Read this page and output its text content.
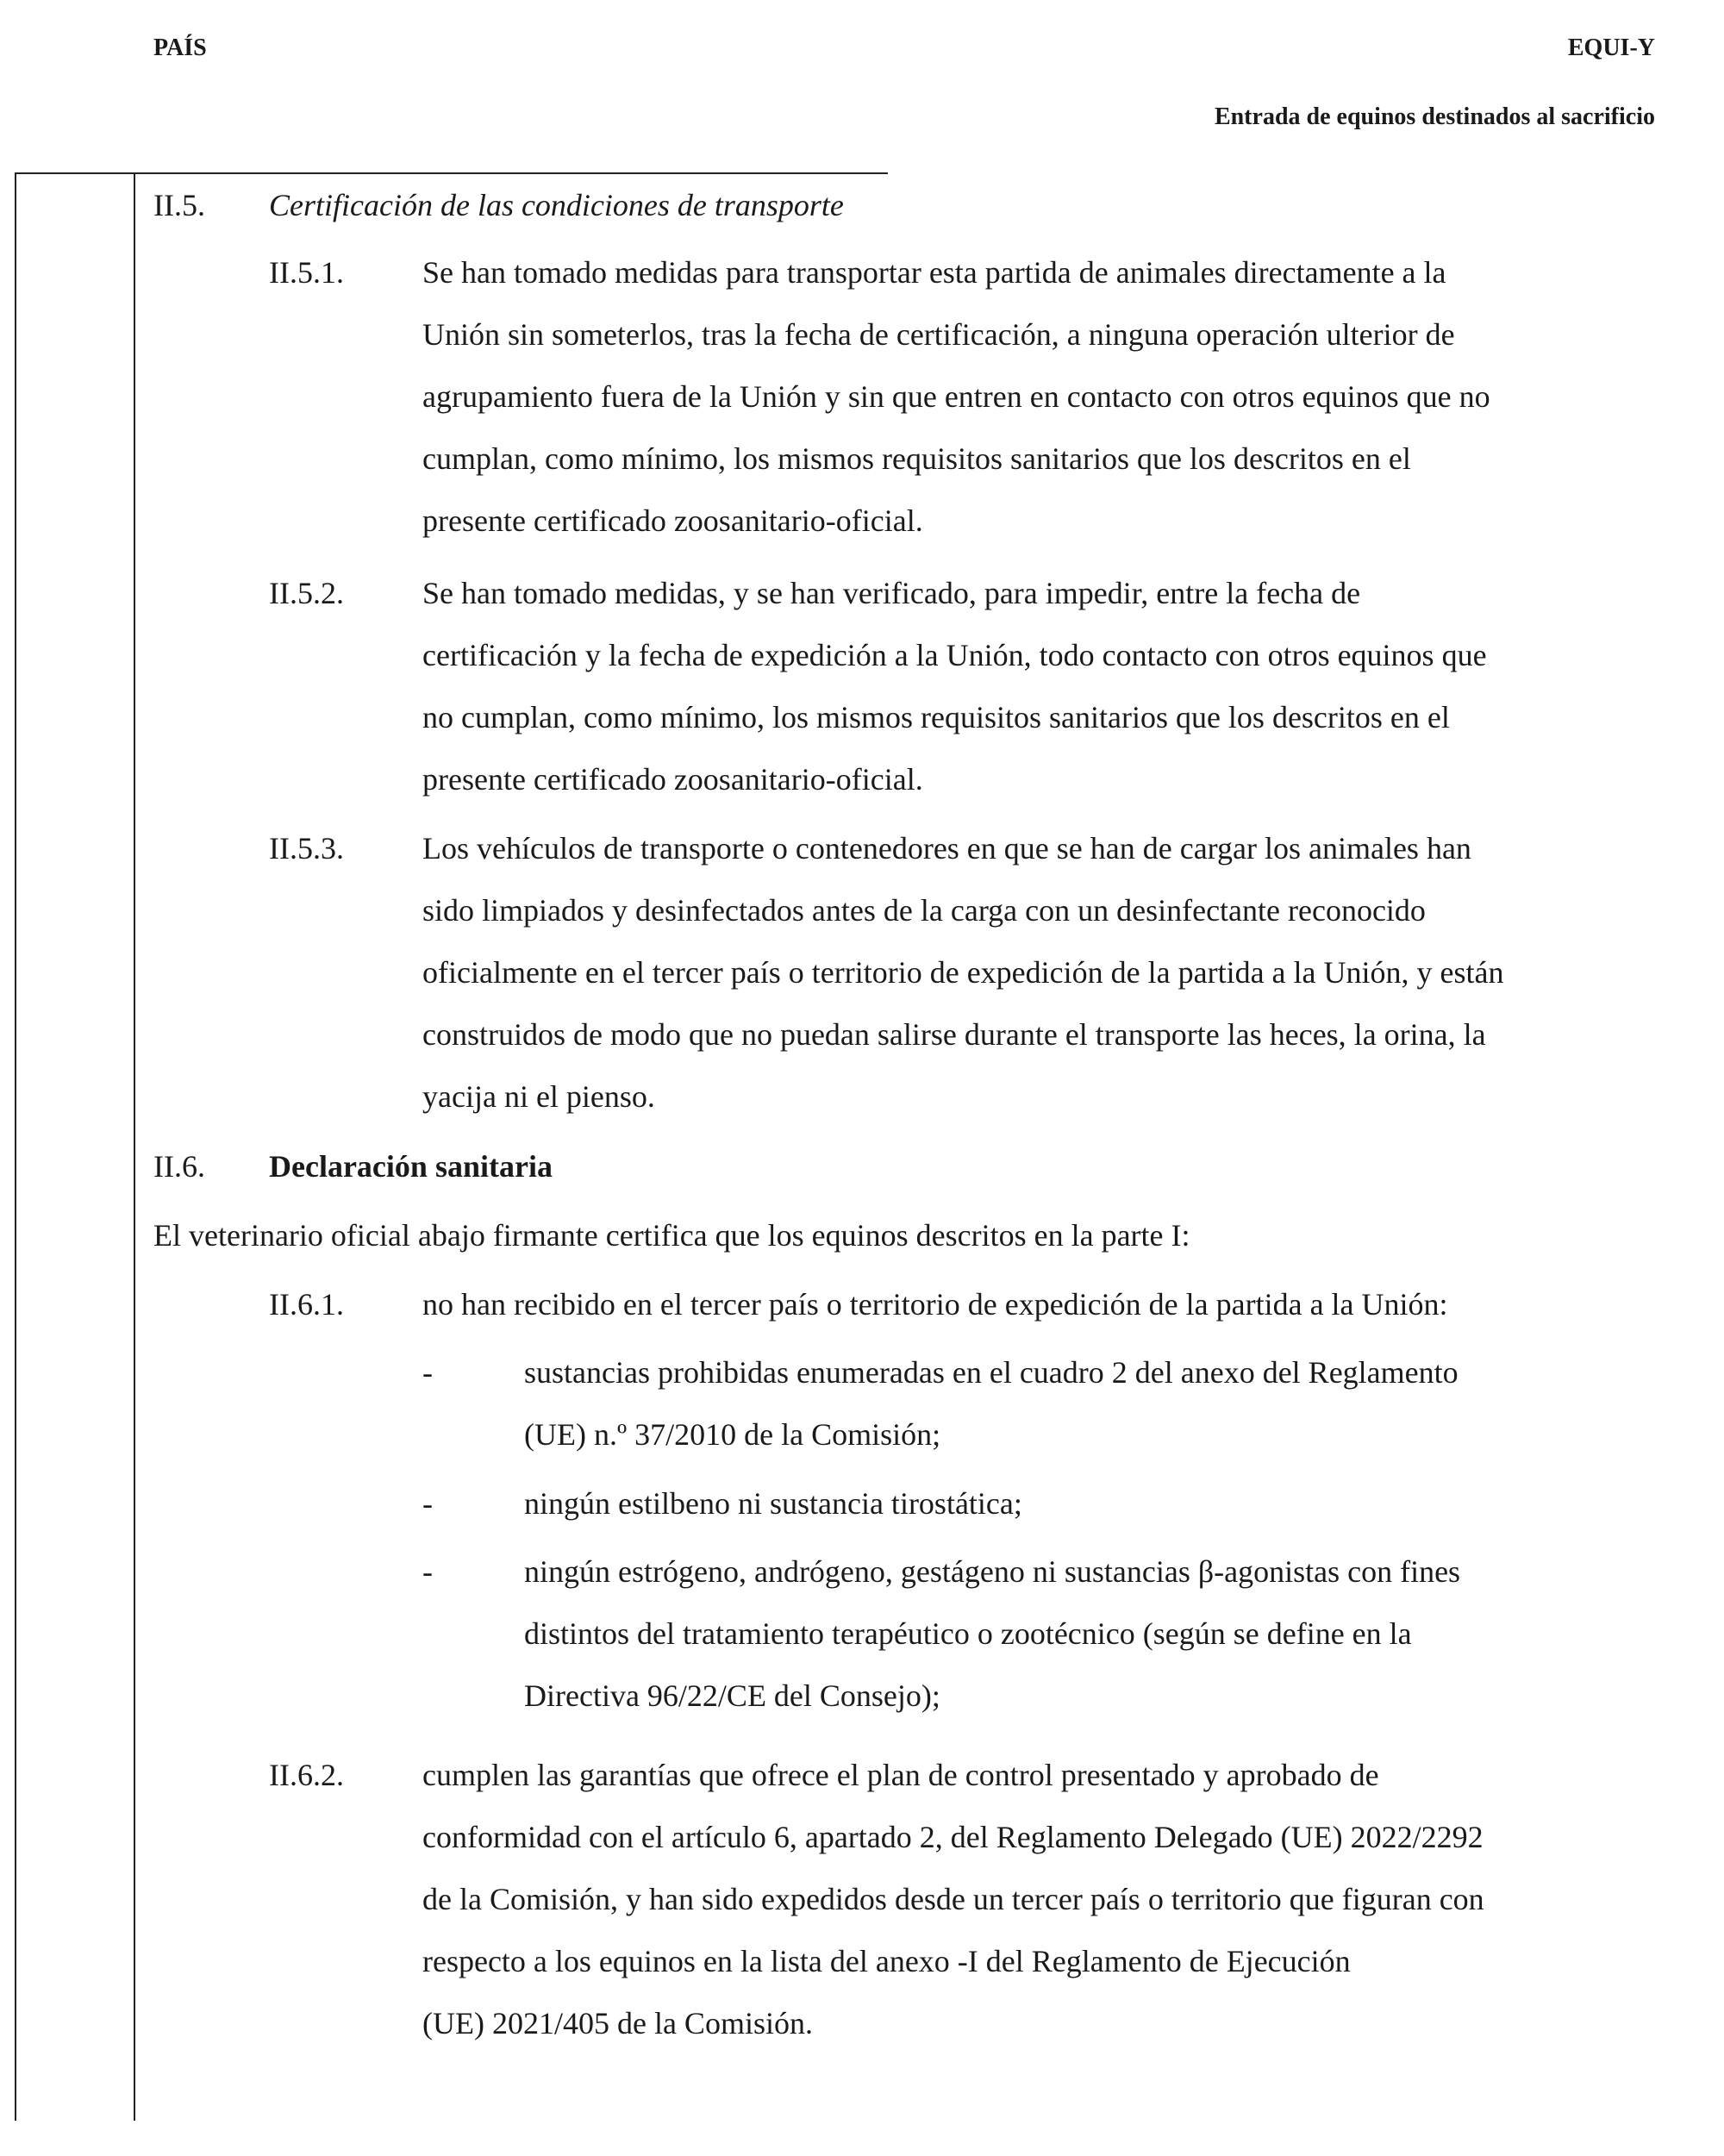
PAÍS	EQUI-Y
Entrada de equinos destinados al sacrificio
II.5. Certificación de las condiciones de transporte
II.5.1.	Se han tomado medidas para transportar esta partida de animales directamente a la
Unión sin someterlos, tras la fecha de certificación, a ninguna operación ulterior de
agrupamiento fuera de la Unión y sin que entren en contacto con otros equinos que no
cumplan, como mínimo, los mismos requisitos sanitarios que los descritos en el
presente certificado zoosanitario-oficial.
II.5.2.	Se han tomado medidas, y se han verificado, para impedir, entre la fecha de
certificación y la fecha de expedición a la Unión, todo contacto con otros equinos que
no cumplan, como mínimo, los mismos requisitos sanitarios que los descritos en el
presente certificado zoosanitario-oficial.
II.5.3.	Los vehículos de transporte o contenedores en que se han de cargar los animales han
sido limpiados y desinfectados antes de la carga con un desinfectante reconocido
oficialmente en el tercer país o territorio de expedición de la partida a la Unión, y están
construidos de modo que no puedan salirse durante el transporte las heces, la orina, la
yacija ni el pienso.
II.6. Declaración sanitaria
El veterinario oficial abajo firmante certifica que los equinos descritos en la parte I:
II.6.1.	no han recibido en el tercer país o territorio de expedición de la partida a la Unión:
-	sustancias prohibidas enumeradas en el cuadro 2 del anexo del Reglamento
(UE) n.º 37/2010 de la Comisión;
-	ningún estilbeno ni sustancia tirostática;
-	ningún estrógeno, andrógeno, gestágeno ni sustancias β-agonistas con fines
distintos del tratamiento terapéutico o zootécnico (según se define en la
Directiva 96/22/CE del Consejo);
II.6.2.	cumplen las garantías que ofrece el plan de control presentado y aprobado de
conformidad con el artículo 6, apartado 2, del Reglamento Delegado (UE) 2022/2292
de la Comisión, y han sido expedidos desde un tercer país o territorio que figuran con
respecto a los equinos en la lista del anexo -I del Reglamento de Ejecución
(UE) 2021/405 de la Comisión.
